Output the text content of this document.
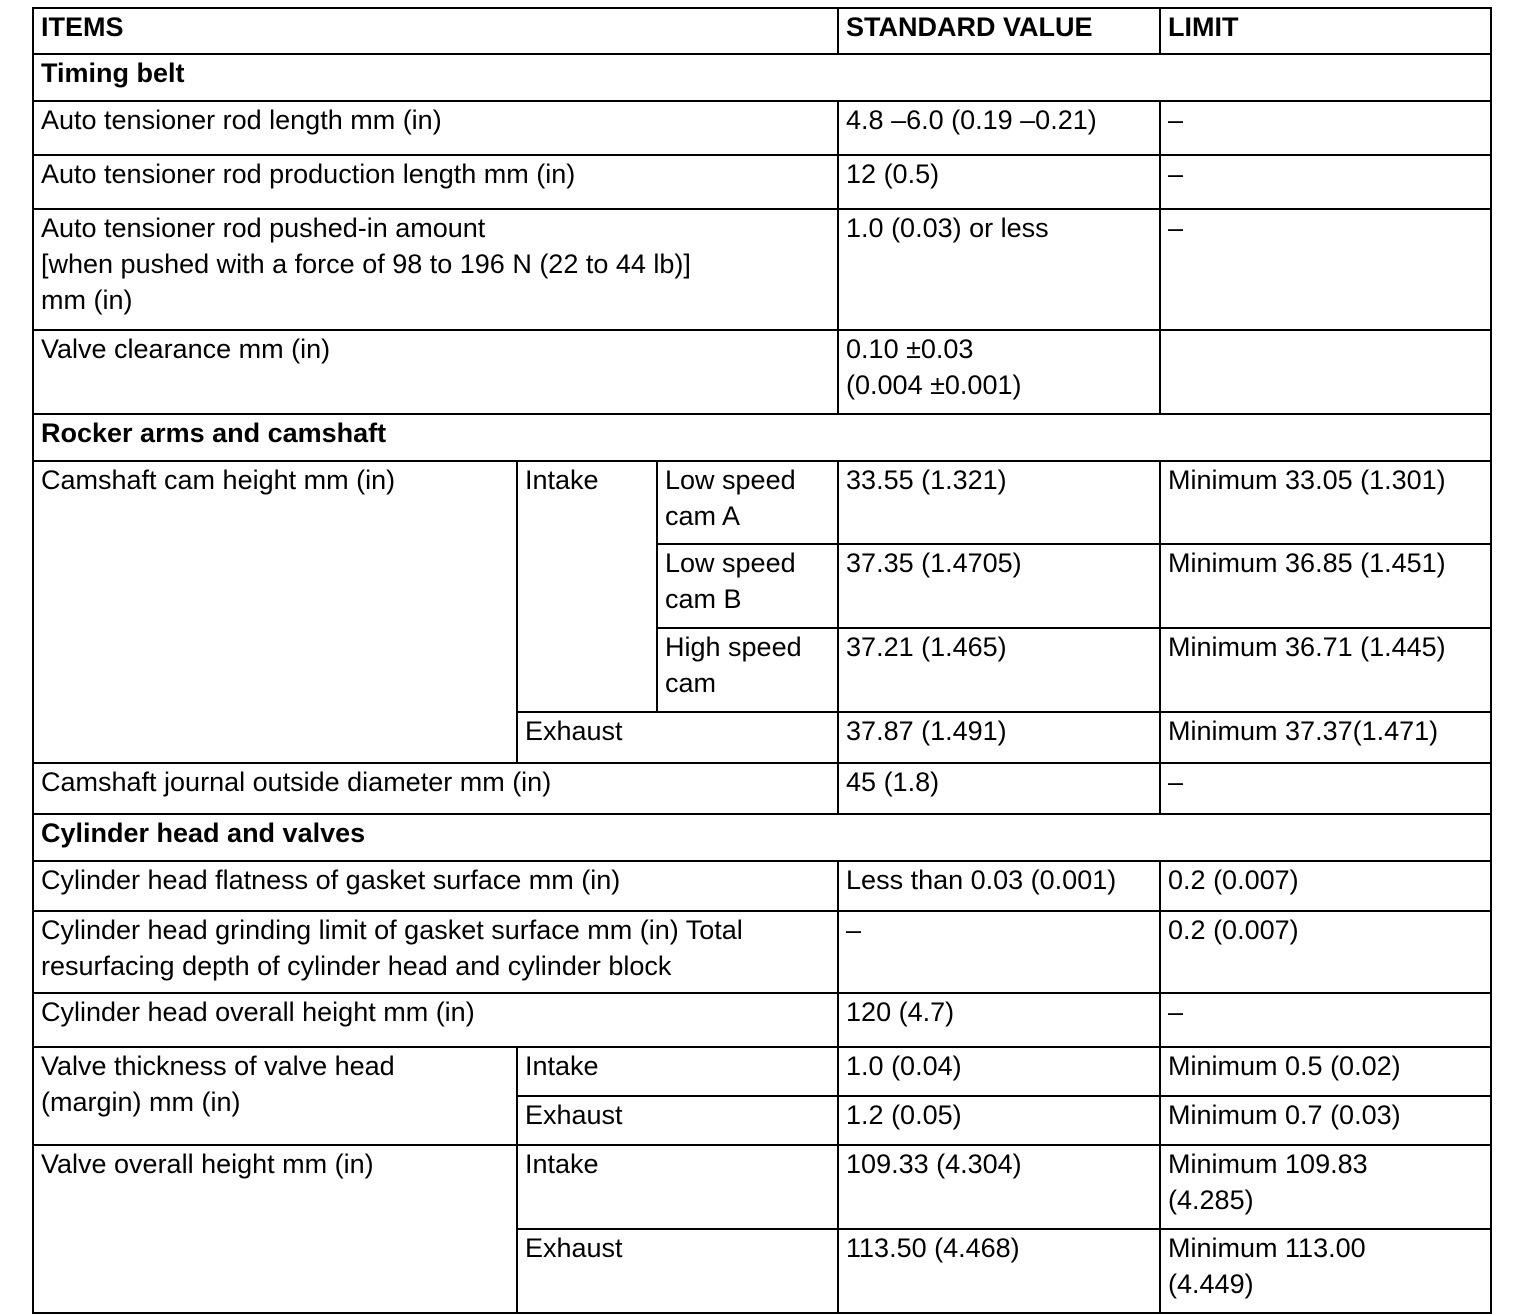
ITEMS			STANDARD VALUE	LIMIT
Timing belt				
Auto tensioner rod length mm (in)			4.8 –6.0 (0.19 –0.21)	–
Auto tensioner rod production length mm (in)			12 (0.5)	–

Auto tensioner rod pushed-in amount
[when pushed with a force of 98 to 196 N (22 to 44 lb)]
mm (in)			1.0 (0.03) or less	–
Valve clearance mm (in)			0.10 ±0.03
(0.004 ±0.001)	

Rocker arms and camshaft				
Camshaft cam height mm (in)	Intake	Low speed
cam A	33.55 (1.321)	Minimum 33.05 (1.301)

		Low speed
cam B	37.35 (1.4705)	Minimum 36.85 (1.451)

		High speed
cam	37.21 (1.465)	Minimum 36.71 (1.445)
	Exhaust		37.87 (1.491)	Minimum 37.37(1.471)
Camshaft journal outside diameter mm (in)			45 (1.8)	–
Cylinder head and valves				
Cylinder head flatness of gasket surface mm (in)			Less than 0.03 (0.001)	0.2 (0.007)

Cylinder head grinding limit of gasket surface mm (in) Total
resurfacing depth of cylinder head and cylinder block			–	0.2 (0.007)
Cylinder head overall height mm (in)			120 (4.7)	–

Valve thickness of valve head
(margin) mm (in)	Intake		1.0 (0.04)	Minimum 0.5 (0.02)
	Exhaust		1.2 (0.05)	Minimum 0.7 (0.03)
Valve overall height mm (in)	Intake		109.33 (4.304)	Minimum 109.83
(4.285)

	Exhaust		113.50 (4.468)	Minimum 113.00
(4.449)
